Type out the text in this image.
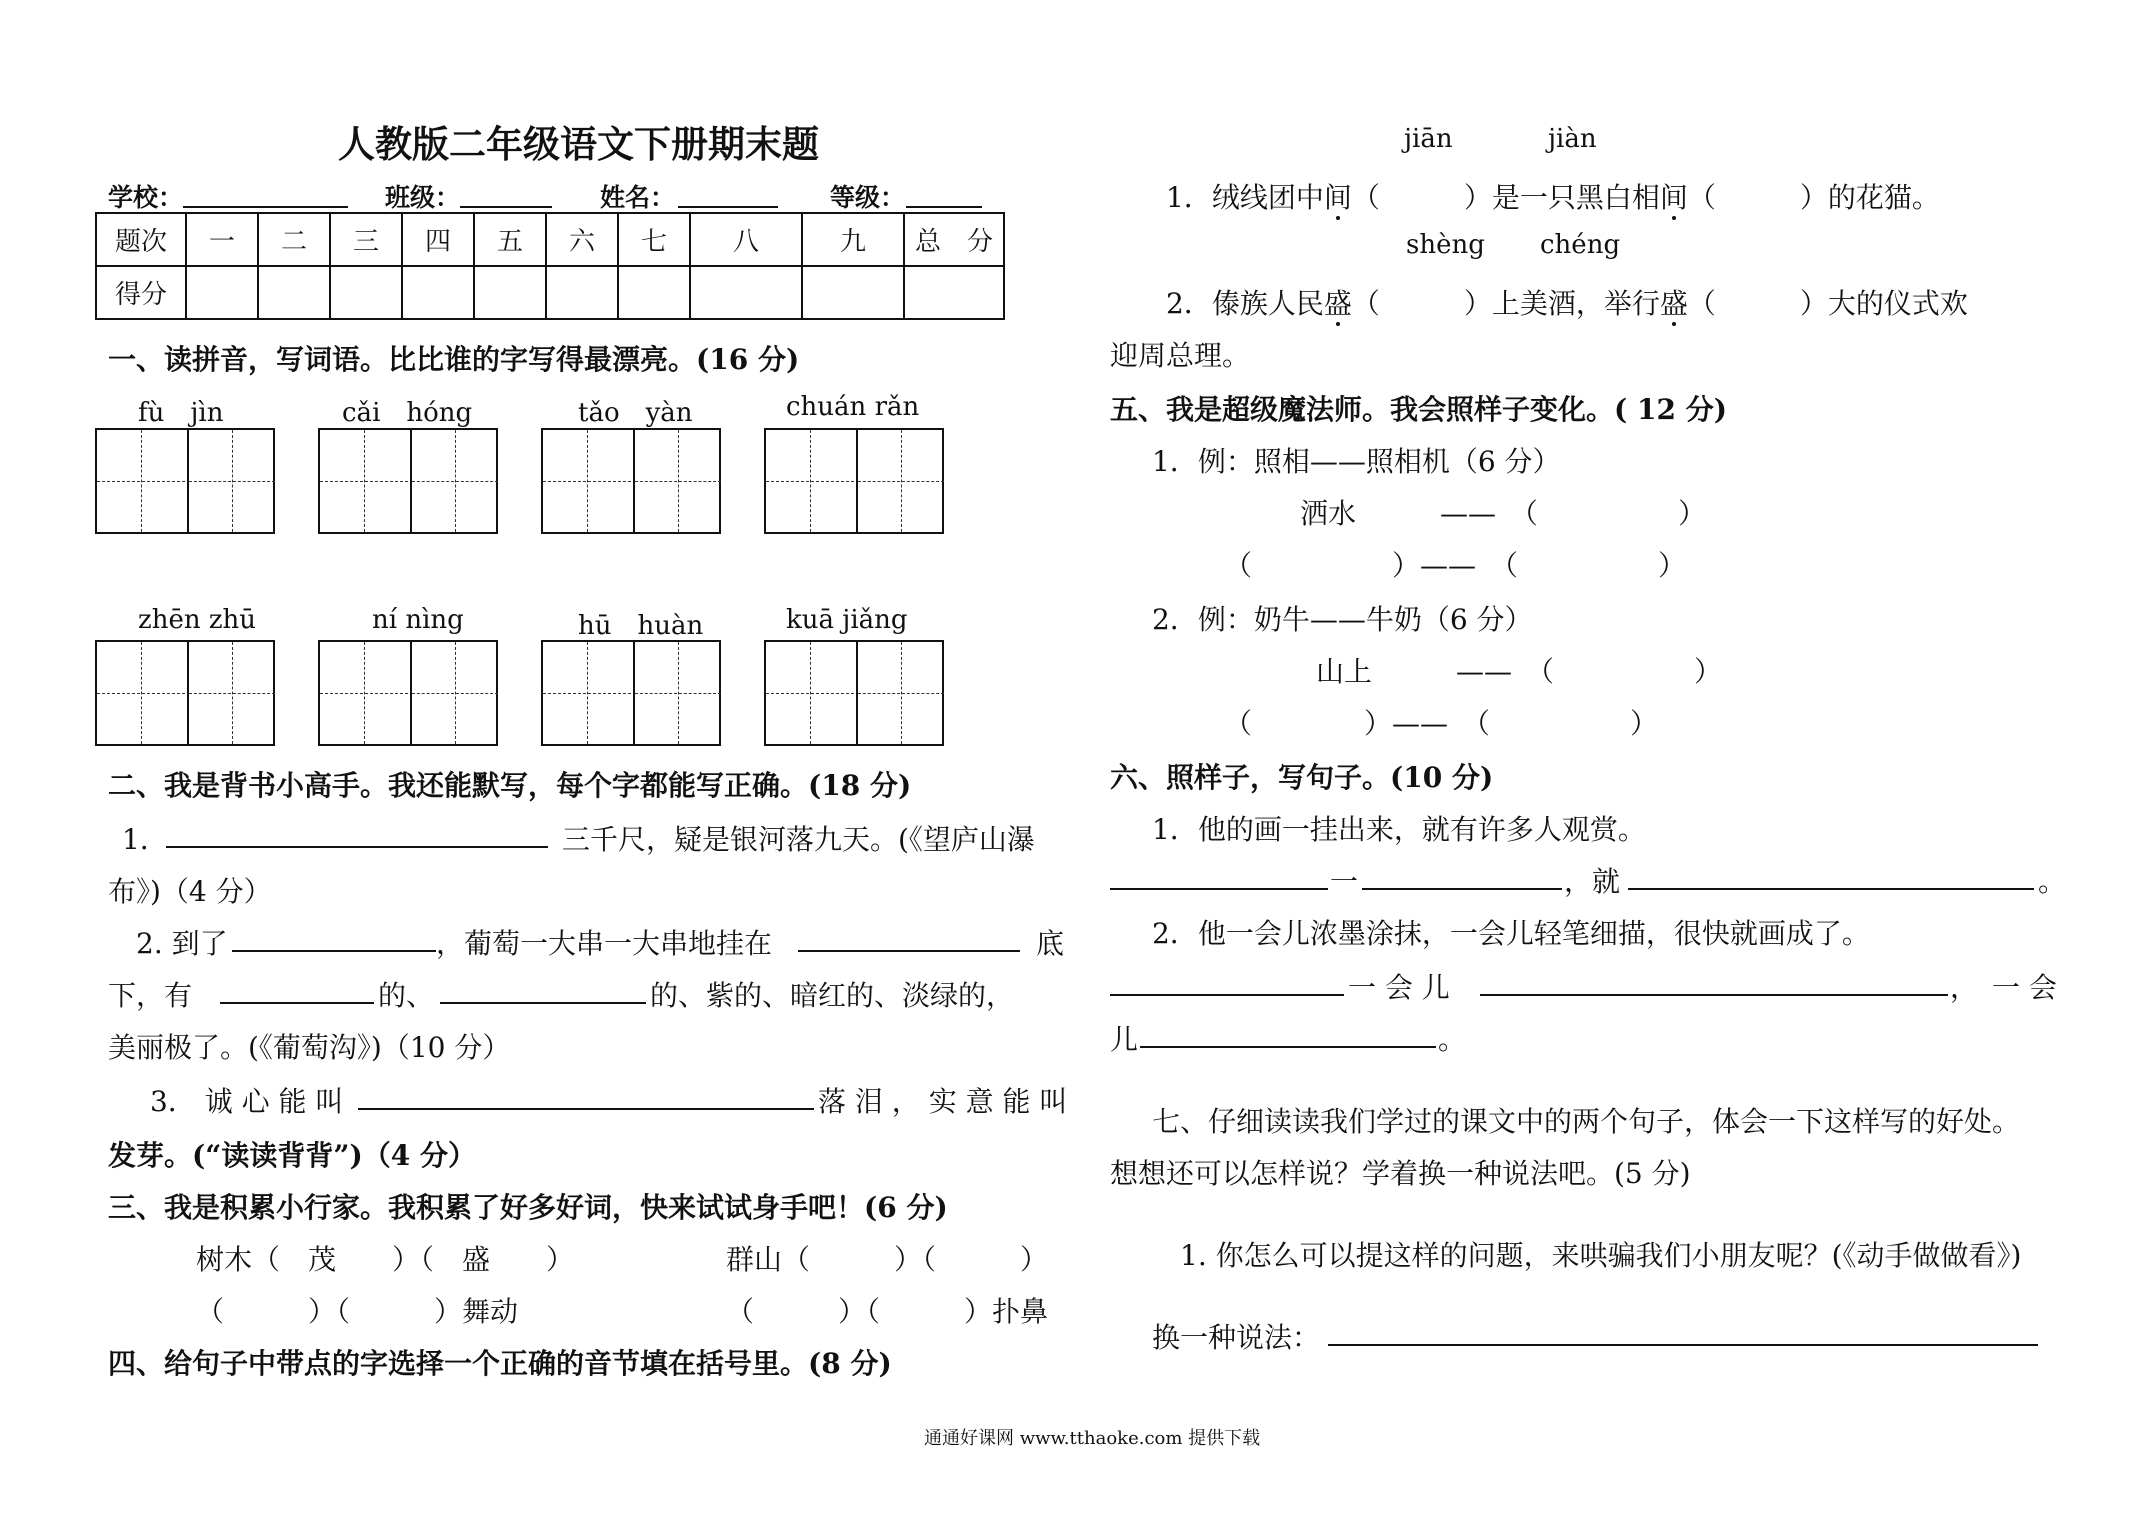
人教版二年级语文下册期末题
学校：	班级：	姓名：	等级：
题次	一	二	三	四	五	六	七	八	九	总　分
得分										
一、读拼音，写词语。比比谁的字写得最漂亮。(16 分)
fù　jìn	cǎi　hóng	tǎo　yàn	chuán rǎn
zhēn zhū	ní nìng	hū　huàn	kuā jiǎng
二、我是背书小高手。我还能默写，每个字都能写正确。(18 分)
1．	三千尺，疑是银河落九天。(《望庐山瀑
布》)（4 分）
2. 到了	，葡萄一大串一大串地挂在	底
下，有	的、	的、紫的、暗红的、淡绿的，
美丽极了。(《葡萄沟》)（10 分）
3． 诚 心 能 叫	落 泪 ， 实 意 能 叫
发芽。(“读读背背”)（4 分）
三、我是积累小行家。我积累了好多好词，快来试试身手吧！(6 分)
树木（　茂　　）（　盛　　）	群山（　　　）（　　　）
（　　　）（　　　）舞动	（　　　）（　　　）扑鼻
四、给句子中带点的字选择一个正确的音节填在括号里。(8 分)
jiān	jiàn
1．绒线团中间（　　　）是一只黑白相间（　　　）的花猫。
shèng chéng
2．傣族人民盛（　　　）上美酒，举行盛（　　　）大的仪式欢
迎周总理。
五、我是超级魔法师。我会照样子变化。( 12 分)
1．例：照相——照相机（6 分）
洒水　　　——　（　　　　　）
（　　　　　）——　（　　　　　）
2．例：奶牛——牛奶（6 分）
山上　　　——　（　　　　　）
（　　　　）——　（　　　　　）
六、照样子，写句子。(10 分)
1．他的画一挂出来，就有许多人观赏。
一	，就	。
2．他一会儿浓墨涂抹，一会儿轻笔细描，很快就画成了。
一 会 儿	，　一 会
儿	。
七、仔细读读我们学过的课文中的两个句子，体会一下这样写的好处。
想想还可以怎样说？学着换一种说法吧。(5 分)
1. 你怎么可以提这样的问题，来哄骗我们小朋友呢？(《动手做做看》)
换一种说法：
通通好课网 www.tthaoke.com 提供下载
